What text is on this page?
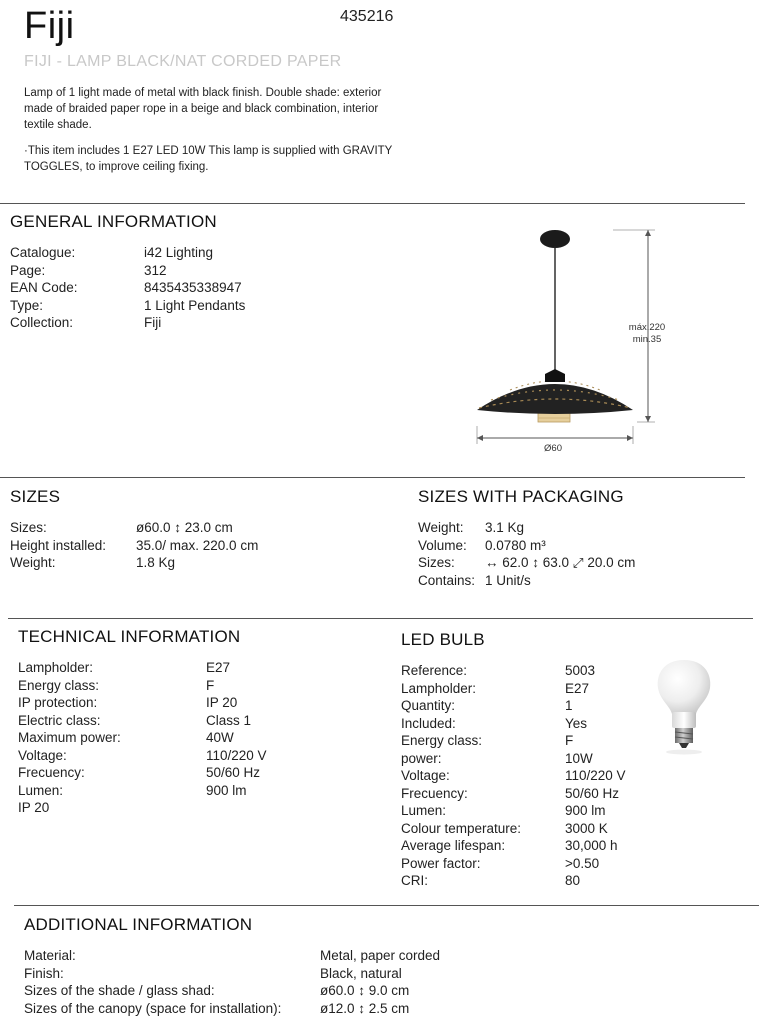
Fiji	435216
FIJI - LAMP BLACK/NAT CORDED PAPER
Lamp of 1 light made of metal with black finish. Double shade: exterior made of braided paper rope in a beige and black combination, interior textile shade.
·This item includes 1 E27 LED 10W This lamp is supplied with GRAVITY TOGGLES, to improve ceiling fixing.
GENERAL INFORMATION
Catalogue:	i42 Lighting
Page:	312
EAN Code:	8435435338947
Type:	1 Light Pendants
Collection:	Fiji	máx.220
min.35
Ø60
SIZES
Sizes:	ø60.0 ↕ 23.0 cm
Height installed: 35.0/ max. 220.0 cm
Weight:	1.8 Kg
SIZES WITH PACKAGING
Weight: 3.1 Kg
Volume: 0.0780 m³
Sizes: ↔ 62.0 ↕ 63.0 ⤢ 20.0 cm
Contains: 1 Unit/s
TECHNICAL INFORMATION
Lampholder:	E27
Energy class:	F
IP protection:	IP 20
Electric class:	Class 1
Maximum power:	40W
Voltage:	110/220 V
Frecuency:	50/60 Hz
Lumen:	900 lm
IP 20
LED BULB
Reference:	5003
Lampholder:	E27
Quantity:	1
Included:	Yes
Energy class:	F
power:	10W
Voltage:	110/220 V
Frecuency:	50/60 Hz
Lumen:	900 lm
Colour temperature:	3000 K
Average lifespan:	30,000 h
Power factor:	>0.50
CRI:	80
ADDITIONAL INFORMATION
Material:	Metal, paper corded
Finish:	Black, natural
Sizes of the shade / glass shad:	ø60.0 ↕ 9.0 cm
Sizes of the canopy (space for installation):	ø12.0 ↕ 2.5 cm
